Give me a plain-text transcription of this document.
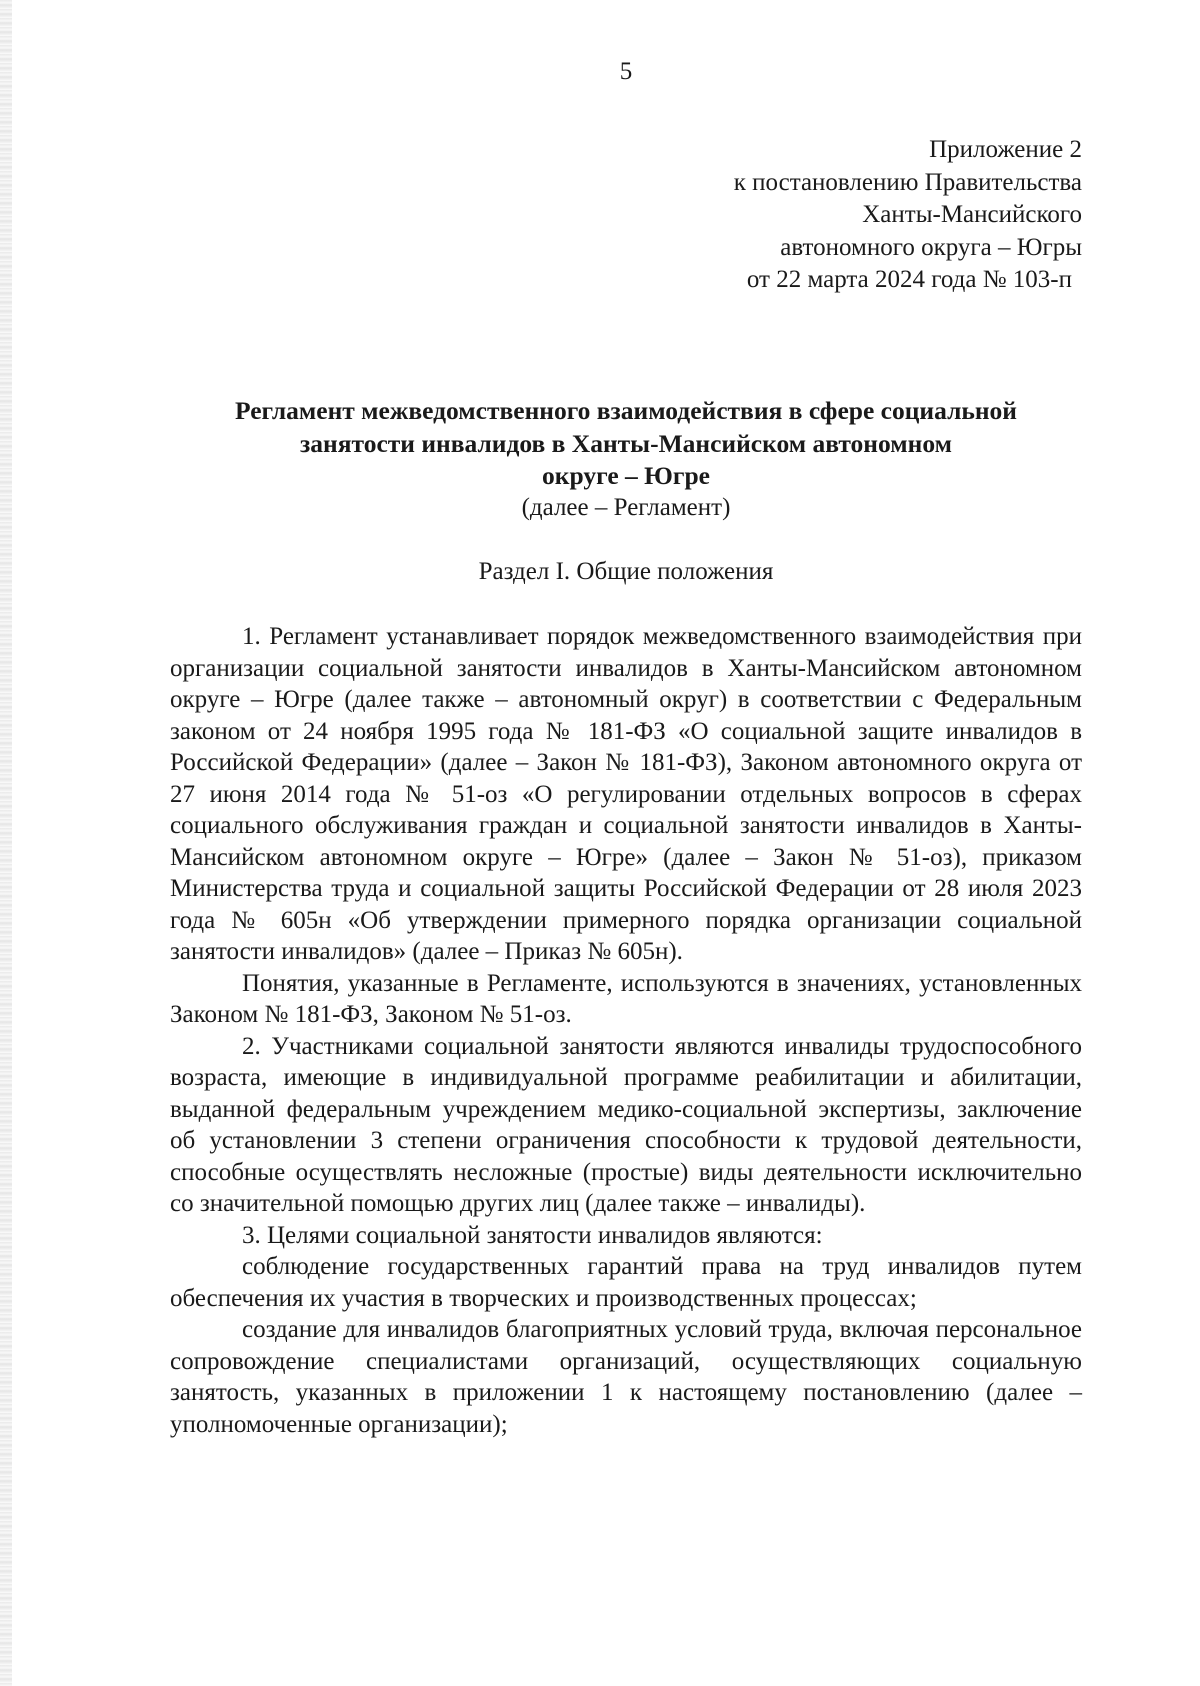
5
Приложение 2
к постановлению Правительства
Ханты-Мансийского
автономного округа – Югры
от 22 марта 2024 года № 103-п
Регламент межведомственного взаимодействия в сфере социальной
занятости инвалидов в Ханты-Мансийском автономном
округе – Югре
(далее – Регламент)
Раздел I. Общие положения

1. Регламент устанавливает порядок межведомственного взаимодействия при организации социальной занятости инвалидов в Ханты-Мансийском автономном округе – Югре (далее также – автономный округ) в соответствии с Федеральным законом от 24 ноября 1995 года № 181-ФЗ «О социальной защите инвалидов в Российской Федерации» (далее – Закон № 181-ФЗ), Законом автономного округа от 27 июня 2014 года № 51-оз «О регулировании отдельных вопросов в сферах социального обслуживания граждан и социальной занятости инвалидов в Ханты-Мансийском автономном округе – Югре» (далее – Закон № 51-оз), приказом Министерства труда и социальной защиты Российской Федерации от 28 июля 2023 года № 605н «Об утверждении примерного порядка организации социальной занятости инвалидов» (далее – Приказ № 605н).

Понятия, указанные в Регламенте, используются в значениях, установленных Законом № 181-ФЗ, Законом № 51-оз.

2. Участниками социальной занятости являются инвалиды трудоспособного возраста, имеющие в индивидуальной программе реабилитации и абилитации, выданной федеральным учреждением медико-социальной экспертизы, заключение об установлении 3 степени ограничения способности к трудовой деятельности, способные осуществлять несложные (простые) виды деятельности исключительно со значительной помощью других лиц (далее также – инвалиды).

3. Целями социальной занятости инвалидов являются:

соблюдение государственных гарантий права на труд инвалидов путем обеспечения их участия в творческих и производственных процессах;

создание для инвалидов благоприятных условий труда, включая персональное сопровождение специалистами организаций, осуществляющих социальную занятость, указанных в приложении 1 к настоящему постановлению (далее – уполномоченные организации);
